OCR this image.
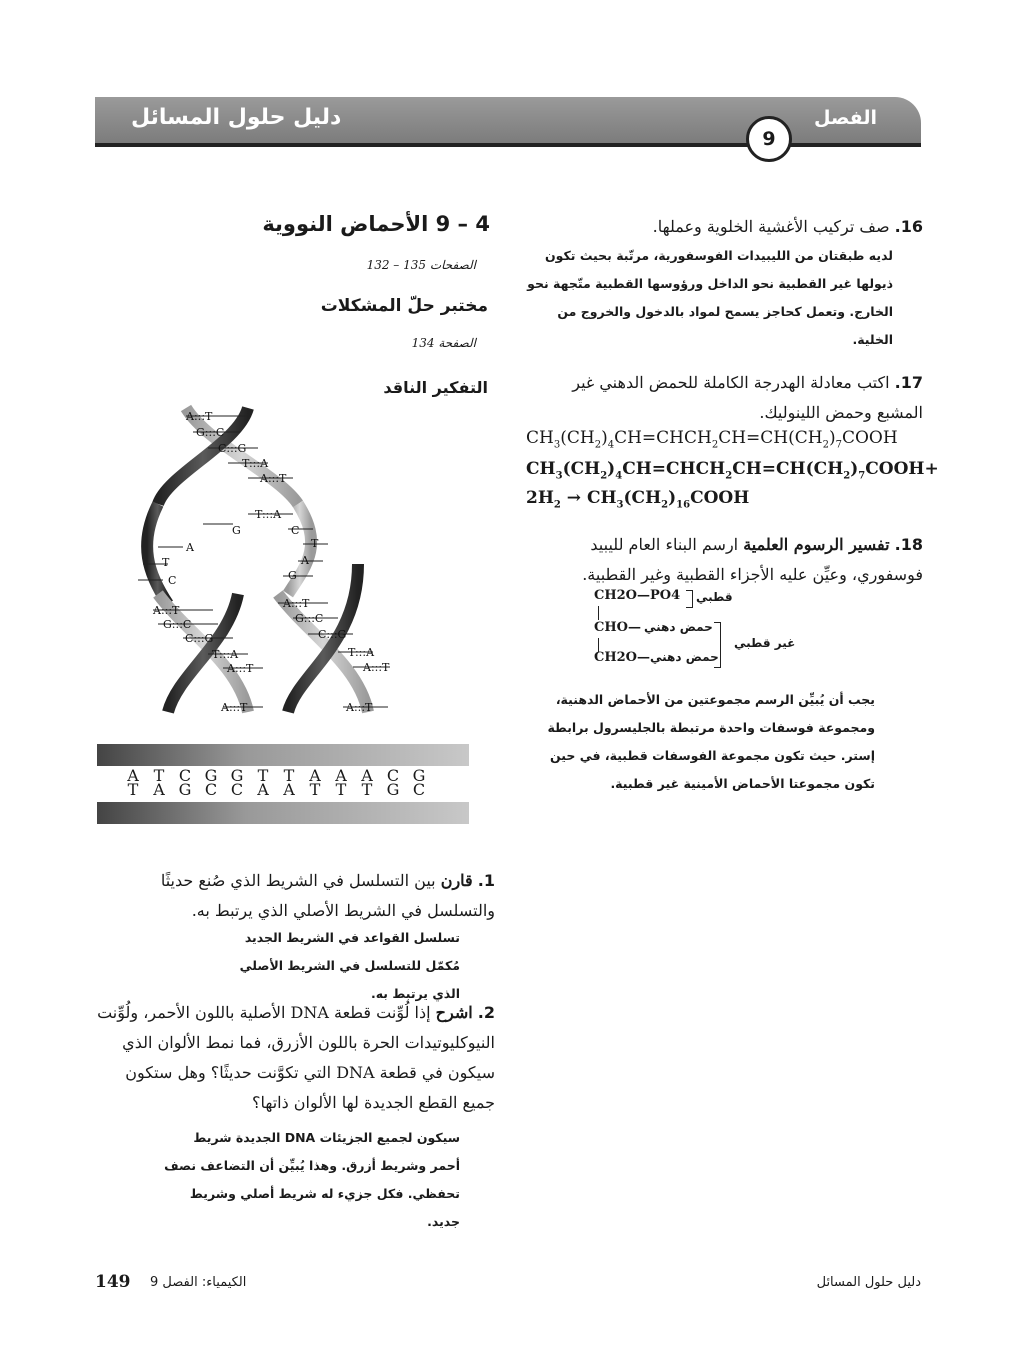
دليل حلول المسائل	الفصل
9
4 – 9 الأحماض النووية
الصفحات 135 – 132
مختبر حلّ المشكلات
الصفحة 134
التفكير الناقد
A:::T
G:::C
C:::G
T:::A
A:::T
T:::A
G
A
T
C
C
T
A
G
A:::T
G:::C
C:::G
T:::A
A:::T
A:::T
A:::T
G:::C
C:::G
T:::A
A:::T
A:::T
A T C G G T T A A A C G
T A G C C A A T T T G C
1. قارن بين التسلسل في الشريط الذي صُنع حديثًا والتسلسل في الشريط الأصلي الذي يرتبط به.
تسلسل القواعد في الشريط الجديد مُكمّل للتسلسل في الشريط الأصلي الذي يرتبط به.
2. اشرح إذا لُوِّنت قطعة DNA الأصلية باللون الأحمر، ولُوِّنت النيوكليوتيدات الحرة باللون الأزرق، فما نمط الألوان الذي سيكون في قطعة DNA التي تكوَّنت حديثًا؟ وهل ستكون جميع القطع الجديدة لها الألوان ذاتها؟
سيكون لجميع الجزيئات DNA الجديدة شريط أحمر وشريط أزرق. وهذا يُبيِّن أن التضاعف نصف تحفظي. فكل جزيء له شريط أصلي وشريط جديد.
16. صف تركيب الأغشية الخلوية وعملها.
لديه طبقتان من الليبيدات الفوسفورية، مرتّبة بحيث تكون ذيولها غير القطبية نحو الداخل ورؤوسها القطبية متّجهة نحو الخارج. وتعمل كحاجز يسمح لمواد بالدخول والخروج من الخلية.
17. اكتب معادلة الهدرجة الكاملة للحمض الدهني غير المشبع وحمض اللينوليك.
$CH_3(CH_2)_4CH=CHCH_2CH=CH(CH_2)_7COOH$
$CH_3(CH_2)_4CH=CHCH_2CH=CH(CH_2)_7COOH+$
$2H_2$ → $CH_3(CH_2)_{16}COOH$
18. تفسير الرسوم العلمية ارسم البناء العام لليبيد فوسفوري، وعيِّن عليه الأجزاء القطبية وغير القطبية.
CH2O—PO4
CHO—
CH2O—
قطبي
حمض دهني
حمض دهني
غير قطبي
يجب أن يُبيِّن الرسم مجموعتين من الأحماض الدهنية، ومجموعة فوسفات واحدة مرتبطة بالجليسرول برابطة إستر. حيث تكون مجموعة الفوسفات قطبية، في حين تكون مجموعتا الأحماض الأمينية غير قطبية.
149 الكيمياء: الفصل 9	دليل حلول المسائل
